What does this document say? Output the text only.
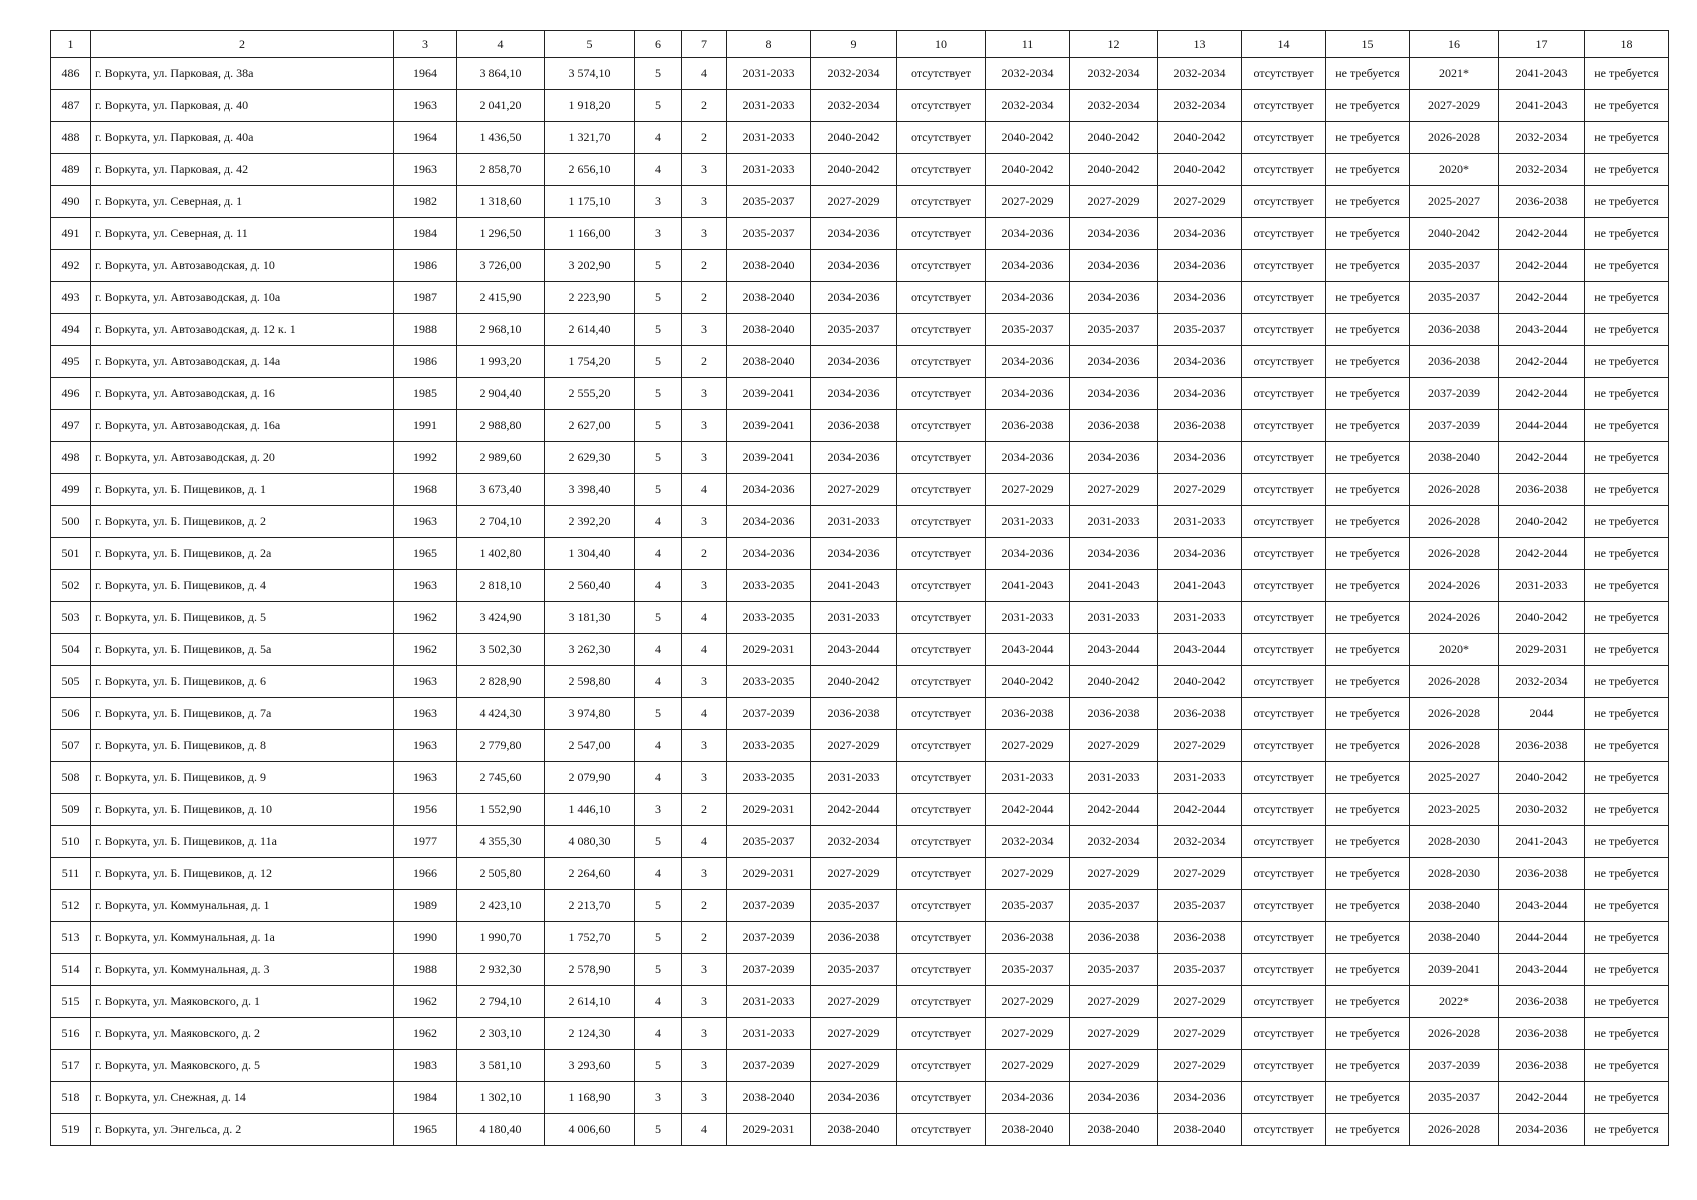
1	2	3	4	5	6	7	8	9	10	11	12	13	14	15	16	17	18
486	г. Воркута, ул. Парковая, д. 38а	1964	3 864,10	3 574,10	5	4	2031-2033	2032-2034	отсутствует	2032-2034	2032-2034	2032-2034	отсутствует	не требуется	2021*	2041-2043	не требуется
487	г. Воркута, ул. Парковая, д. 40	1963	2 041,20	1 918,20	5	2	2031-2033	2032-2034	отсутствует	2032-2034	2032-2034	2032-2034	отсутствует	не требуется	2027-2029	2041-2043	не требуется
488	г. Воркута, ул. Парковая, д. 40а	1964	1 436,50	1 321,70	4	2	2031-2033	2040-2042	отсутствует	2040-2042	2040-2042	2040-2042	отсутствует	не требуется	2026-2028	2032-2034	не требуется
489	г. Воркута, ул. Парковая, д. 42	1963	2 858,70	2 656,10	4	3	2031-2033	2040-2042	отсутствует	2040-2042	2040-2042	2040-2042	отсутствует	не требуется	2020*	2032-2034	не требуется
490	г. Воркута, ул. Северная, д. 1	1982	1 318,60	1 175,10	3	3	2035-2037	2027-2029	отсутствует	2027-2029	2027-2029	2027-2029	отсутствует	не требуется	2025-2027	2036-2038	не требуется
491	г. Воркута, ул. Северная, д. 11	1984	1 296,50	1 166,00	3	3	2035-2037	2034-2036	отсутствует	2034-2036	2034-2036	2034-2036	отсутствует	не требуется	2040-2042	2042-2044	не требуется
492	г. Воркута, ул. Автозаводская, д. 10	1986	3 726,00	3 202,90	5	2	2038-2040	2034-2036	отсутствует	2034-2036	2034-2036	2034-2036	отсутствует	не требуется	2035-2037	2042-2044	не требуется
493	г. Воркута, ул. Автозаводская, д. 10а	1987	2 415,90	2 223,90	5	2	2038-2040	2034-2036	отсутствует	2034-2036	2034-2036	2034-2036	отсутствует	не требуется	2035-2037	2042-2044	не требуется
494	г. Воркута, ул. Автозаводская, д. 12 к. 1	1988	2 968,10	2 614,40	5	3	2038-2040	2035-2037	отсутствует	2035-2037	2035-2037	2035-2037	отсутствует	не требуется	2036-2038	2043-2044	не требуется
495	г. Воркута, ул. Автозаводская, д. 14а	1986	1 993,20	1 754,20	5	2	2038-2040	2034-2036	отсутствует	2034-2036	2034-2036	2034-2036	отсутствует	не требуется	2036-2038	2042-2044	не требуется
496	г. Воркута, ул. Автозаводская, д. 16	1985	2 904,40	2 555,20	5	3	2039-2041	2034-2036	отсутствует	2034-2036	2034-2036	2034-2036	отсутствует	не требуется	2037-2039	2042-2044	не требуется
497	г. Воркута, ул. Автозаводская, д. 16а	1991	2 988,80	2 627,00	5	3	2039-2041	2036-2038	отсутствует	2036-2038	2036-2038	2036-2038	отсутствует	не требуется	2037-2039	2044-2044	не требуется
498	г. Воркута, ул. Автозаводская, д. 20	1992	2 989,60	2 629,30	5	3	2039-2041	2034-2036	отсутствует	2034-2036	2034-2036	2034-2036	отсутствует	не требуется	2038-2040	2042-2044	не требуется
499	г. Воркута, ул. Б. Пищевиков, д. 1	1968	3 673,40	3 398,40	5	4	2034-2036	2027-2029	отсутствует	2027-2029	2027-2029	2027-2029	отсутствует	не требуется	2026-2028	2036-2038	не требуется
500	г. Воркута, ул. Б. Пищевиков, д. 2	1963	2 704,10	2 392,20	4	3	2034-2036	2031-2033	отсутствует	2031-2033	2031-2033	2031-2033	отсутствует	не требуется	2026-2028	2040-2042	не требуется
501	г. Воркута, ул. Б. Пищевиков, д. 2а	1965	1 402,80	1 304,40	4	2	2034-2036	2034-2036	отсутствует	2034-2036	2034-2036	2034-2036	отсутствует	не требуется	2026-2028	2042-2044	не требуется
502	г. Воркута, ул. Б. Пищевиков, д. 4	1963	2 818,10	2 560,40	4	3	2033-2035	2041-2043	отсутствует	2041-2043	2041-2043	2041-2043	отсутствует	не требуется	2024-2026	2031-2033	не требуется
503	г. Воркута, ул. Б. Пищевиков, д. 5	1962	3 424,90	3 181,30	5	4	2033-2035	2031-2033	отсутствует	2031-2033	2031-2033	2031-2033	отсутствует	не требуется	2024-2026	2040-2042	не требуется
504	г. Воркута, ул. Б. Пищевиков, д. 5а	1962	3 502,30	3 262,30	4	4	2029-2031	2043-2044	отсутствует	2043-2044	2043-2044	2043-2044	отсутствует	не требуется	2020*	2029-2031	не требуется
505	г. Воркута, ул. Б. Пищевиков, д. 6	1963	2 828,90	2 598,80	4	3	2033-2035	2040-2042	отсутствует	2040-2042	2040-2042	2040-2042	отсутствует	не требуется	2026-2028	2032-2034	не требуется
506	г. Воркута, ул. Б. Пищевиков, д. 7а	1963	4 424,30	3 974,80	5	4	2037-2039	2036-2038	отсутствует	2036-2038	2036-2038	2036-2038	отсутствует	не требуется	2026-2028	2044	не требуется
507	г. Воркута, ул. Б. Пищевиков, д. 8	1963	2 779,80	2 547,00	4	3	2033-2035	2027-2029	отсутствует	2027-2029	2027-2029	2027-2029	отсутствует	не требуется	2026-2028	2036-2038	не требуется
508	г. Воркута, ул. Б. Пищевиков, д. 9	1963	2 745,60	2 079,90	4	3	2033-2035	2031-2033	отсутствует	2031-2033	2031-2033	2031-2033	отсутствует	не требуется	2025-2027	2040-2042	не требуется
509	г. Воркута, ул. Б. Пищевиков, д. 10	1956	1 552,90	1 446,10	3	2	2029-2031	2042-2044	отсутствует	2042-2044	2042-2044	2042-2044	отсутствует	не требуется	2023-2025	2030-2032	не требуется
510	г. Воркута, ул. Б. Пищевиков, д. 11а	1977	4 355,30	4 080,30	5	4	2035-2037	2032-2034	отсутствует	2032-2034	2032-2034	2032-2034	отсутствует	не требуется	2028-2030	2041-2043	не требуется
511	г. Воркута, ул. Б. Пищевиков, д. 12	1966	2 505,80	2 264,60	4	3	2029-2031	2027-2029	отсутствует	2027-2029	2027-2029	2027-2029	отсутствует	не требуется	2028-2030	2036-2038	не требуется
512	г. Воркута, ул. Коммунальная, д. 1	1989	2 423,10	2 213,70	5	2	2037-2039	2035-2037	отсутствует	2035-2037	2035-2037	2035-2037	отсутствует	не требуется	2038-2040	2043-2044	не требуется
513	г. Воркута, ул. Коммунальная, д. 1а	1990	1 990,70	1 752,70	5	2	2037-2039	2036-2038	отсутствует	2036-2038	2036-2038	2036-2038	отсутствует	не требуется	2038-2040	2044-2044	не требуется
514	г. Воркута, ул. Коммунальная, д. 3	1988	2 932,30	2 578,90	5	3	2037-2039	2035-2037	отсутствует	2035-2037	2035-2037	2035-2037	отсутствует	не требуется	2039-2041	2043-2044	не требуется
515	г. Воркута, ул. Маяковского, д. 1	1962	2 794,10	2 614,10	4	3	2031-2033	2027-2029	отсутствует	2027-2029	2027-2029	2027-2029	отсутствует	не требуется	2022*	2036-2038	не требуется
516	г. Воркута, ул. Маяковского, д. 2	1962	2 303,10	2 124,30	4	3	2031-2033	2027-2029	отсутствует	2027-2029	2027-2029	2027-2029	отсутствует	не требуется	2026-2028	2036-2038	не требуется
517	г. Воркута, ул. Маяковского, д. 5	1983	3 581,10	3 293,60	5	3	2037-2039	2027-2029	отсутствует	2027-2029	2027-2029	2027-2029	отсутствует	не требуется	2037-2039	2036-2038	не требуется
518	г. Воркута, ул. Снежная, д. 14	1984	1 302,10	1 168,90	3	3	2038-2040	2034-2036	отсутствует	2034-2036	2034-2036	2034-2036	отсутствует	не требуется	2035-2037	2042-2044	не требуется
519	г. Воркута, ул. Энгельса, д. 2	1965	4 180,40	4 006,60	5	4	2029-2031	2038-2040	отсутствует	2038-2040	2038-2040	2038-2040	отсутствует	не требуется	2026-2028	2034-2036	не требуется
